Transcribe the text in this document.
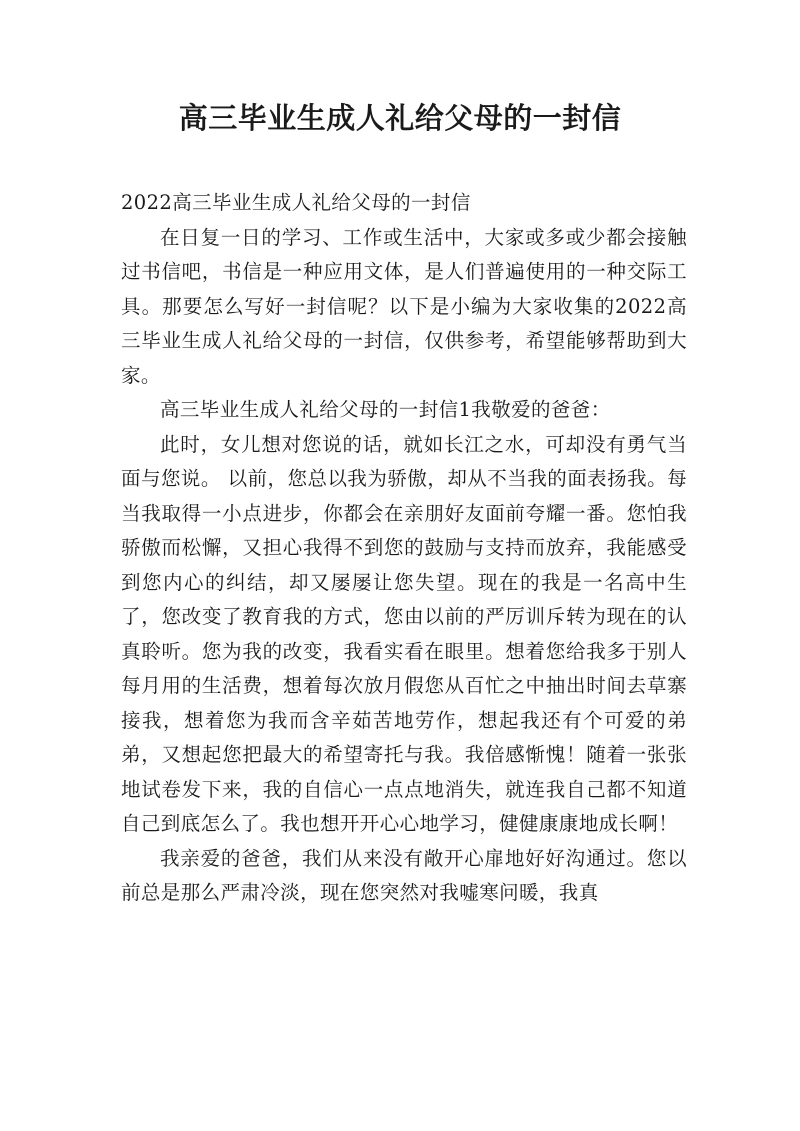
高三毕业生成人礼给父母的一封信

2022高三毕业生成人礼给父母的一封信

在日复一日的学习、工作或生活中，大家或多或少都会接触过书信吧，书信是一种应用文体，是人们普遍使用的一种交际工具。那要怎么写好一封信呢？以下是小编为大家收集的2022高三毕业生成人礼给父母的一封信，仅供参考，希望能够帮助到大家。

高三毕业生成人礼给父母的一封信1我敬爱的爸爸：

此时，女儿想对您说的话，就如长江之水，可却没有勇气当面与您说。 以前，您总以我为骄傲，却从不当我的面表扬我。每当我取得一小点进步，你都会在亲朋好友面前夸耀一番。您怕我骄傲而松懈，又担心我得不到您的鼓励与支持而放弃，我能感受到您内心的纠结，却又屡屡让您失望。现在的我是一名高中生了，您改变了教育我的方式，您由以前的严厉训斥转为现在的认真聆听。您为我的改变，我看实看在眼里。想着您给我多于别人每月用的生活费，想着每次放月假您从百忙之中抽出时间去草寨接我，想着您为我而含辛茹苦地劳作，想起我还有个可爱的弟弟，又想起您把最大的希望寄托与我。我倍感惭愧！随着一张张地试卷发下来，我的自信心一点点地消失，就连我自己都不知道自己到底怎么了。我也想开开心心地学习，健健康康地成长啊！

我亲爱的爸爸，我们从来没有敞开心扉地好好沟通过。您以前总是那么严肃冷淡，现在您突然对我嘘寒问暖，我真
